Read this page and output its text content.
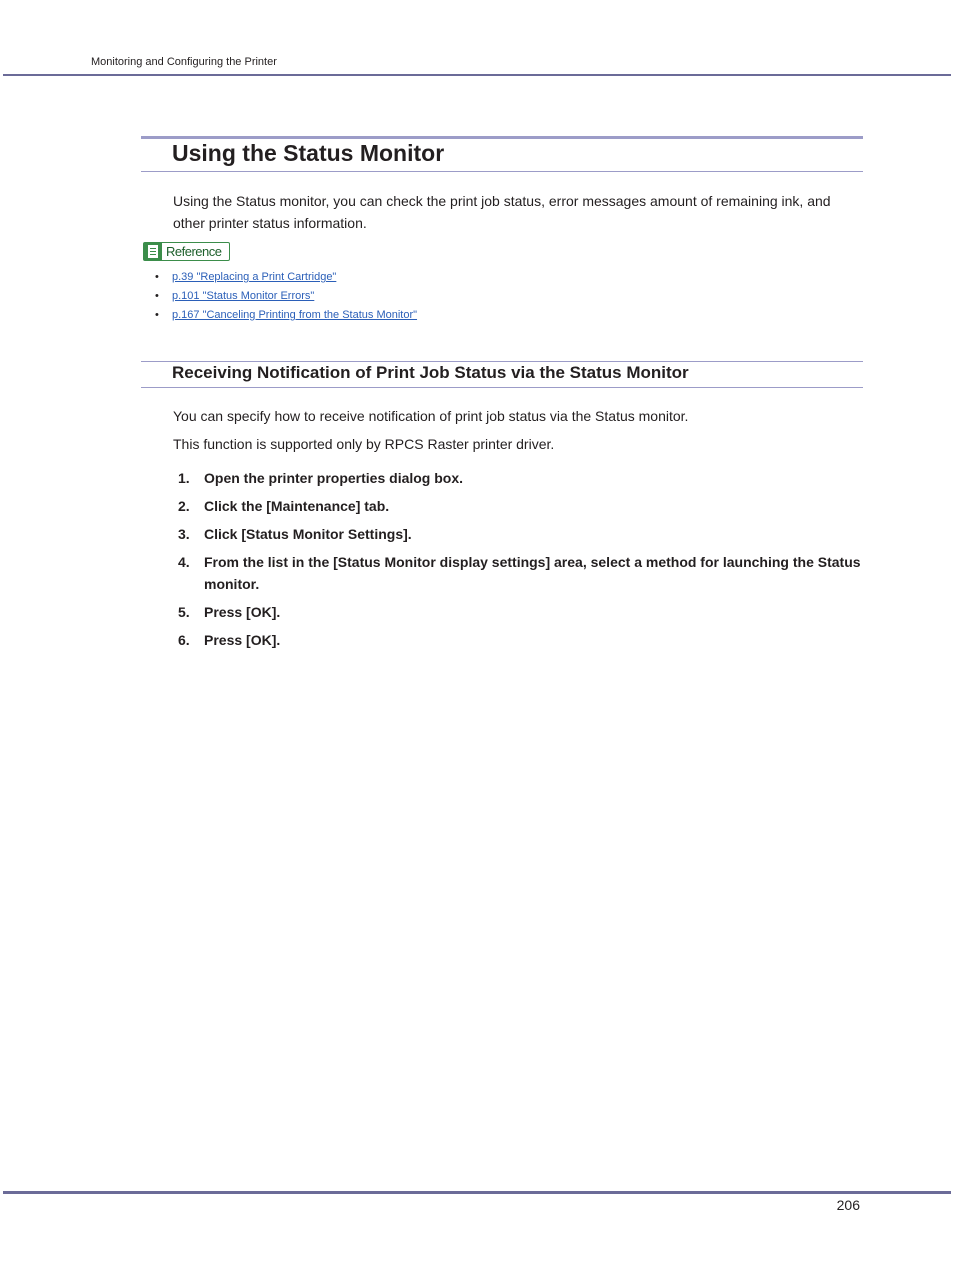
Monitoring and Configuring the Printer
Using the Status Monitor

Using the Status monitor, you can check the print job status, error messages amount of remaining ink, and other printer status information.

Reference
• p.39 "Replacing a Print Cartridge"
• p.101 "Status Monitor Errors"
• p.167 "Canceling Printing from the Status Monitor"
Receiving Notification of Print Job Status via the Status Monitor

You can specify how to receive notification of print job status via the Status monitor.

This function is supported only by RPCS Raster printer driver.

1. Open the printer properties dialog box.
2. Click the [Maintenance] tab.
3. Click [Status Monitor Settings].
4. From the list in the [Status Monitor display settings] area, select a method for launching the Status monitor.
5. Press [OK].
6. Press [OK].
206
